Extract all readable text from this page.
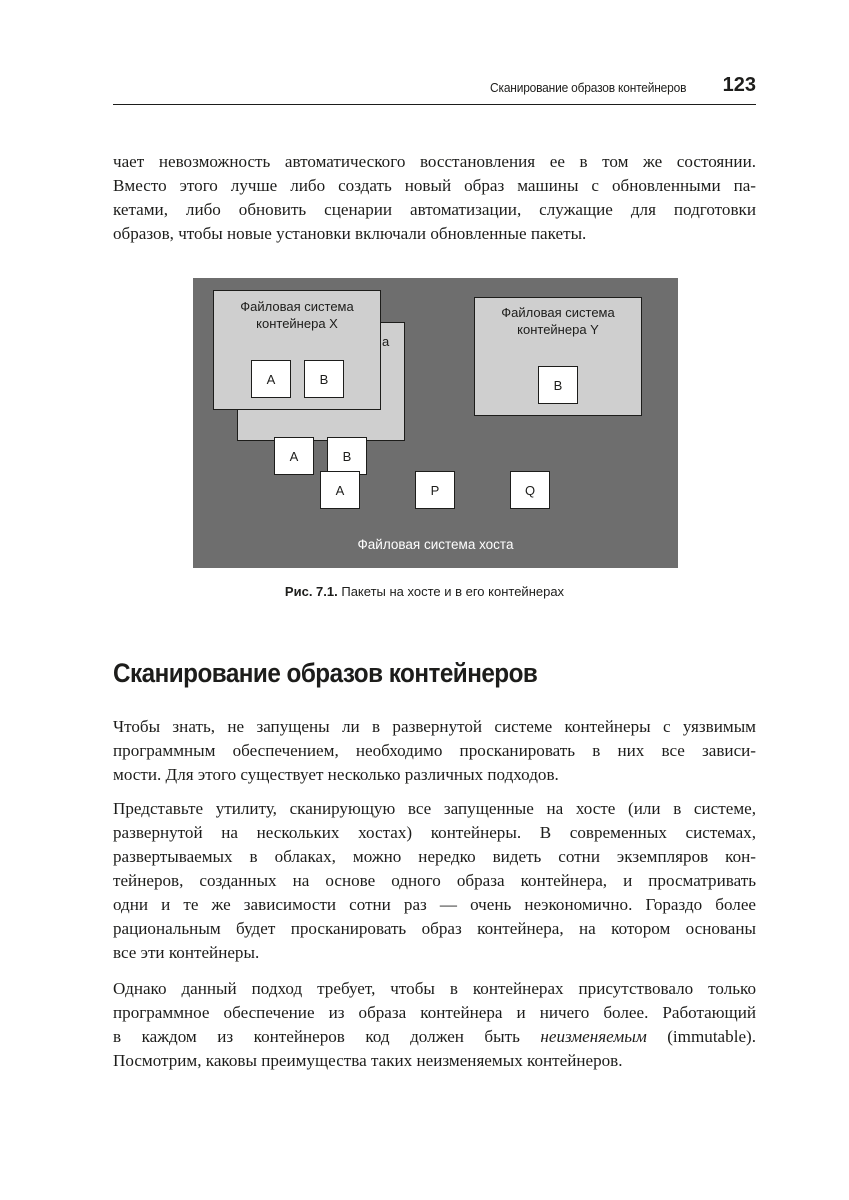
Сканирование образов контейнеров 123
чает невозможность автоматического восстановления ее в том же состоянии.
Вместо этого лучше либо создать новый образ машины с обновленными па-
кетами, либо обновить сценарии автоматизации, служащие для подготовки
образов, чтобы новые установки включали обновленные пакеты.
а
A	B
Файловая система
контейнера X
A	B
Файловая система
контейнера Y
B
A	P	Q
Файловая система хоста
Рис. 7.1. Пакеты на хосте и в его контейнерах
Сканирование образов контейнеров
Чтобы знать, не запущены ли в развернутой системе контейнеры с уязвимым
программным обеспечением, необходимо просканировать в них все зависи-
мости. Для этого существует несколько различных подходов.
Представьте утилиту, сканирующую все запущенные на хосте (или в системе,
развернутой на нескольких хостах) контейнеры. В современных системах,
развертываемых в облаках, можно нередко видеть сотни экземпляров кон-
тейнеров, созданных на основе одного образа контейнера, и просматривать
одни и те же зависимости сотни раз — очень неэкономично. Гораздо более
рациональным будет просканировать образ контейнера, на котором основаны
все эти контейнеры.
Однако данный подход требует, чтобы в контейнерах присутствовало только
программное обеспечение из образа контейнера и ничего более. Работающий
в каждом из контейнеров код должен быть неизменяемым (immutable).
Посмотрим, каковы преимущества таких неизменяемых контейнеров.
